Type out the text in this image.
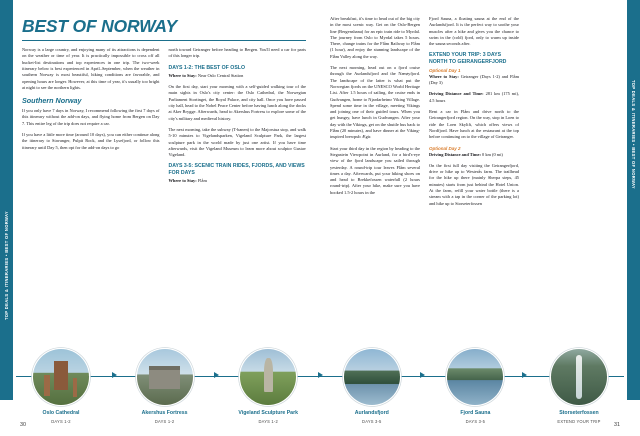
TOP DEALS & ITINERARIES • BEST OF NORWAY
TOP DEALS & ITINERARIES • BEST OF NORWAY
BEST OF NORWAY

Norway is a large country, and enjoying many of its attractions is dependent on the weather or time of year. It is practically impossible to cross off all bucket-list destinations and top experiences in one trip. The two-week itinerary below is best experienced in April–September, when the weather in southern Norway is most beautiful, hiking conditions are favorable, and opening hours are longer. However, at this time of year, it's usually too bright at night to see the northern lights.

Southern Norway

If you only have 7 days in Norway, I recommend following the first 7 days of this itinerary without the add-on days, and flying home from Bergen on Day 7. This entire leg of the trip does not require a car.

If you have a little more time (around 10 days), you can either continue along the itinerary to Stavanger, Pulpit Rock, and the Lysefjord, or follow this itinerary until Day 5, then opt for the add-on days to go

north toward Geiranger before heading to Bergen. You'll need a car for parts of this longer trip.

DAYS 1-2: THE BEST OF OSLO

Where to Stay: Near Oslo Central Station

On the first day, start your morning with a self-guided walking tour of the main sights in Oslo's city center: the Oslo Cathedral, the Norwegian Parliament Stortinget, the Royal Palace, and city hall. Once you have passed city hall, head to the Nobel Peace Center before having lunch along the docks at Aker Brygge. Afterwards, head to Akershus Fortress to explore some of the city's military and medieval history.

The next morning, take the subway (T-banen) to the Majorstua stop, and walk 5-10 minutes to Vigelandsparken, Vigeland Sculpture Park, the largest sculpture park in the world made by just one artist. If you have time afterwards, visit the Vigeland Museum to learn more about sculptor Gustav Vigeland.

DAYS 3-5: SCENIC TRAIN RIDES, FJORDS, AND VIEWS FOR DAYS

Where to Stay: Flåm

30

After breakfast, it's time to head out of the big city in the most scenic way. Get on the Oslo-Bergen line (Bergensbana) for an epic train ride to Myrdal. The journey from Oslo to Myrdal takes 5 hours. There, change trains for the Flåm Railway to Flåm (1 hour), and enjoy the stunning landscape of the Flåm Valley along the way.

The next morning, head out on a fjord cruise through the Aurlandsfjord and the Nærøyfjord. The landscape of the latter is what put the Norwegian fjords on the UNESCO World Heritage List. After 1.5 hours of sailing, the cruise ends in Gudvangen, home to Njardarheimr Viking Village. Spend some time in the village, meeting Vikings and joining one of their guided tours. When you get hungry, have lunch in Gudvangen. After your day with the Vikings, get on the shuttle bus back to Flåm (20 minutes), and have dinner at the Viking-inspired brewpub Ægir.

Start your third day in the region by heading to the Stegastein Viewpoint in Aurland, for a bird's-eye view of the fjord landscape you sailed through yesterday. A round-trip tour leaves Flåm several times a day. Afterwards, put your hiking shoes on and head to Brekkefossen waterfall (2 hours round-trip). After your hike, make sure you have booked 1.5-2 hours in the

Fjord Sauna, a floating sauna at the end of the Aurlandsfjord. It is the perfect way to soothe your muscles after a hike and gives you the chance to swim in the (cold) fjord, only to warm up inside the sauna seconds after.

EXTEND YOUR TRIP: 3 DAYS NORTH TO GEIRANGERFJORD
Optional Day 1

Where to Stay: Geiranger (Days 1-2) and Flåm (Day 3)

Driving Distance and Time: 281 km (175 mi), 4.5 hours

Rent a car in Flåm and drive north to the Geirangerfjord region. On the way, stop in Loen to ride the Loen Skylift, which offers views of Nordfjord. Have lunch at the restaurant at the top before continuing on to the village of Geiranger.

Optional Day 2

Driving Distance and Time: 0 km (0 mi)

On the first full day visiting the Geirangerfjord, drive or hike up to Westerås farm. The trailhead for the hike up there (mainly Sherpa steps, 45 minutes) starts from just behind the Hotel Union. At the farm, refill your water bottle (there is a stream with a tap in the corner of the parking lot) and hike up to Storseterfossen

31
Oslo Cathedral
DAYS 1-2
Akershus Fortress
DAYS 1-2
Vigeland Sculpture Park
DAYS 1-2
Aurlandsfjord
DAYS 3-5
Fjord Sauna
DAYS 3-5
Storseterfossen
EXTEND YOUR TRIP
